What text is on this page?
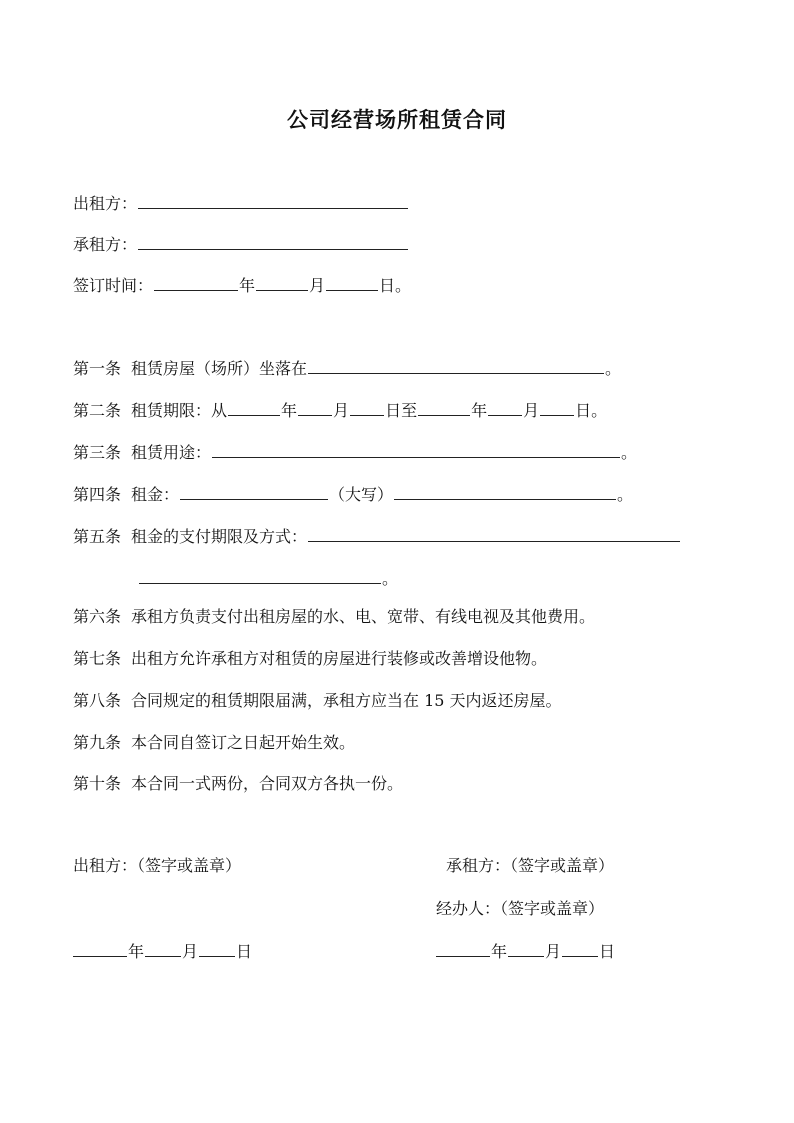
公司经营场所租赁合同
出租方：
承租方：
签订时间：	年	月	日。
第一条 租赁房屋（场所）坐落在	。
第二条 租赁期限：从	年 月 日至	年 月 日。
第三条 租赁用途：	。
第四条 租金：	（大写）	。
第五条 租金的支付期限及方式：
。
第六条 承租方负责支付出租房屋的水、电、宽带、有线电视及其他费用。
第七条 出租方允许承租方对租赁的房屋进行装修或改善增设他物。
第八条 合同规定的租赁期限届满，承租方应当在 15 天内返还房屋。
第九条 本合同自签订之日起开始生效。
第十条 本合同一式两份，合同双方各执一份。
出租方：（签字或盖章）	承租方：（签字或盖章）
经办人：（签字或盖章）
年 月 日	年 月 日
